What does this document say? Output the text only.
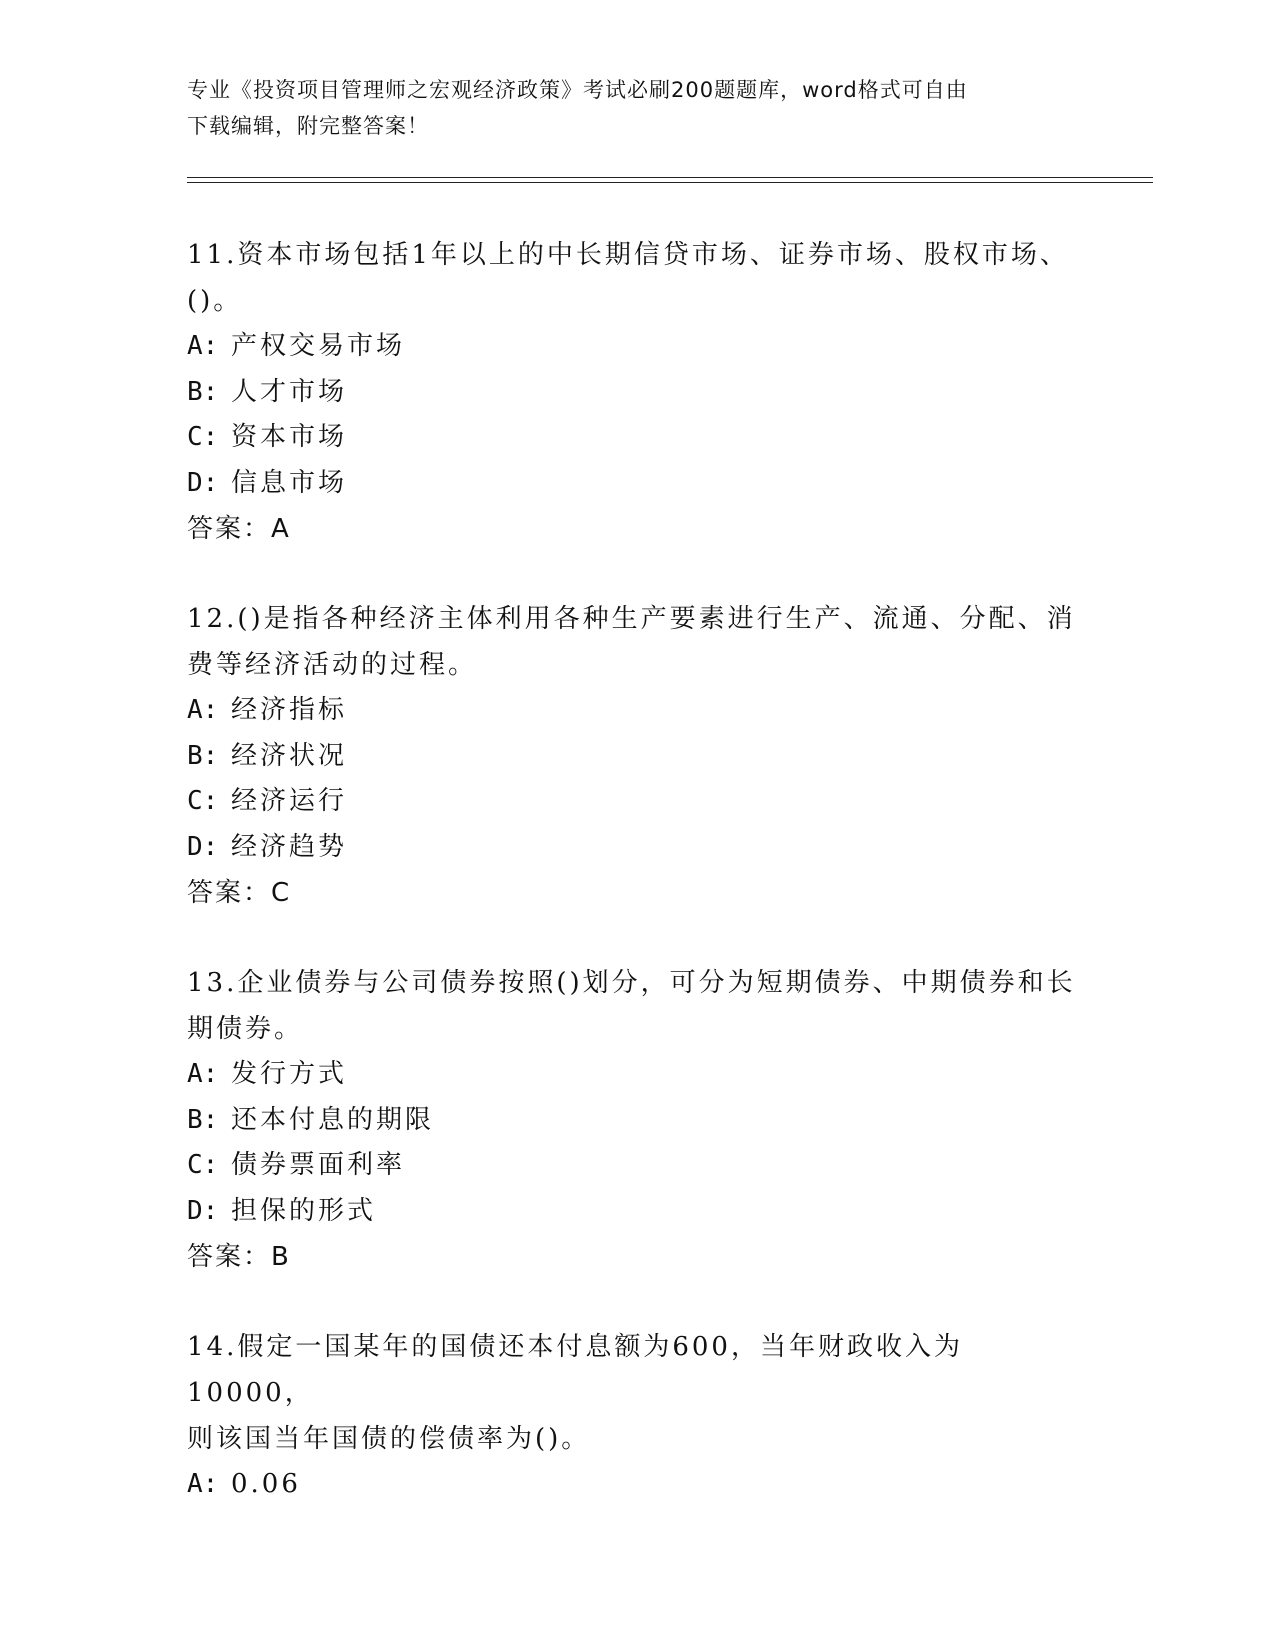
专业《投资项目管理师之宏观经济政策》考试必刷200题题库，word格式可自由
下载编辑，附完整答案！
11.资本市场包括1年以上的中长期信贷市场、证券市场、股权市场、
()。
A: 产权交易市场
B: 人才市场
C: 资本市场
D: 信息市场
答案：A
12.()是指各种经济主体利用各种生产要素进行生产、流通、分配、消
费等经济活动的过程。
A: 经济指标
B: 经济状况
C: 经济运行
D: 经济趋势
答案：C
13.企业债券与公司债券按照()划分，可分为短期债券、中期债券和长
期债券。
A: 发行方式
B: 还本付息的期限
C: 债券票面利率
D: 担保的形式
答案：B
14.假定一国某年的国债还本付息额为600，当年财政收入为10000，
则该国当年国债的偿债率为()。
A: 0.06
